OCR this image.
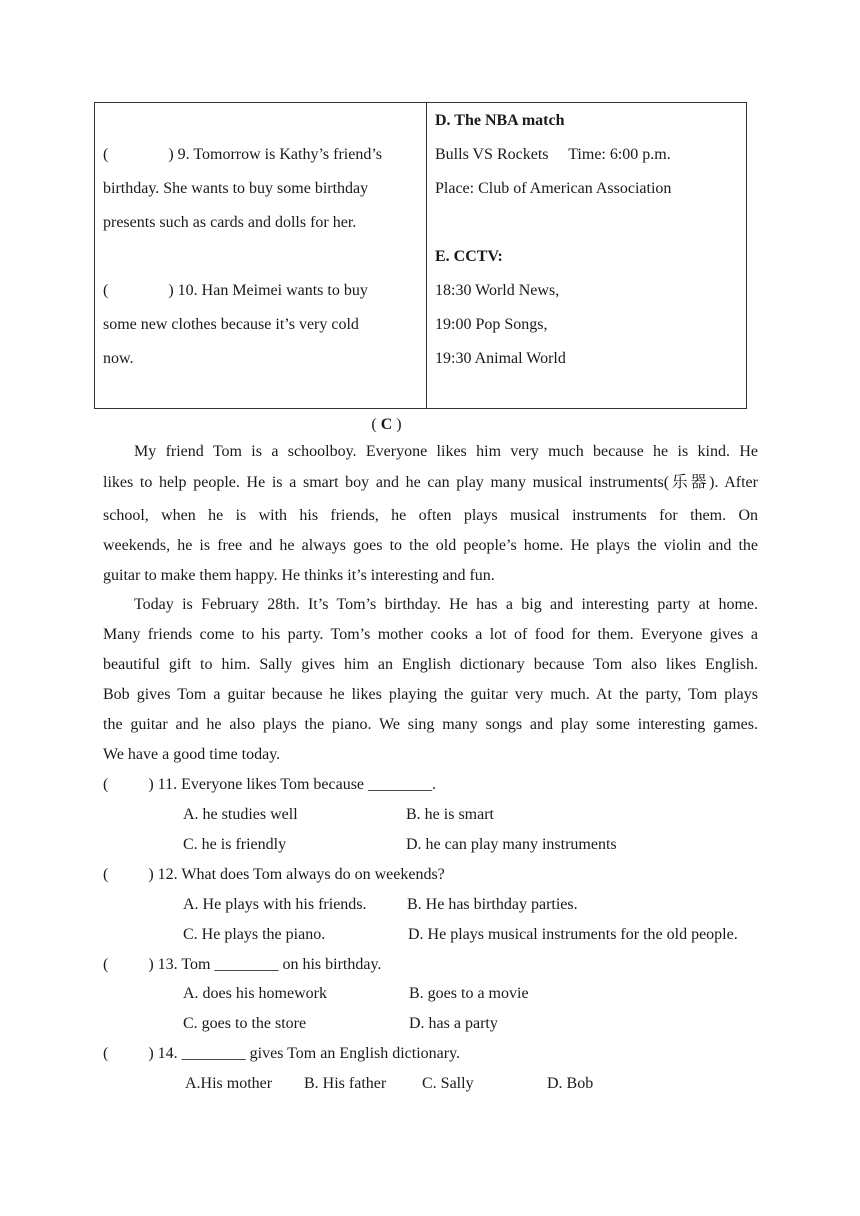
(	) 9. Tomorrow is Kathy’s friend’s
birthday. She wants to buy some birthday
presents such as cards and dolls for her.
(	) 10. Han Meimei wants to buy
some new clothes because it’s very cold
now.

D. The NBA match
Bulls VS Rockets     Time: 6:00 p.m.
Place: Club of American Association
E. CCTV:
18:30 World News,
19:00 Pop Songs,
19:30 Animal World
( C )
My friend Tom is a schoolboy. Everyone likes him very much because he is kind. He
likes to help people. He is a smart boy and he can play many musical instruments(乐器). After
school, when he is with his friends, he often plays musical instruments for them. On
weekends, he is free and he always goes to the old people’s home. He plays the violin and the
guitar to make them happy. He thinks it’s interesting and fun.
Today is February 28th. It’s Tom’s birthday. He has a big and interesting party at home.
Many friends come to his party. Tom’s mother cooks a lot of food for them. Everyone gives a
beautiful gift to him. Sally gives him an English dictionary because Tom also likes English.
Bob gives Tom a guitar because he likes playing the guitar very much. At the party, Tom plays
the guitar and he also plays the piano. We sing many songs and play some interesting games.
We have a good time today.
(	) 11. Everyone likes Tom because ________.
A. he studies well	B. he is smart
C. he is friendly	D. he can play many instruments
(	) 12. What does Tom always do on weekends?
A. He plays with his friends.	B. He has birthday parties.
C. He plays the piano.	D. He plays musical instruments for the old people.
(	) 13. Tom ________ on his birthday.
A. does his homework	B. goes to a movie
C. goes to the store	D. has a party
(	) 14. ________ gives Tom an English dictionary.
A.His mother B. His father C. Sally	D. Bob
